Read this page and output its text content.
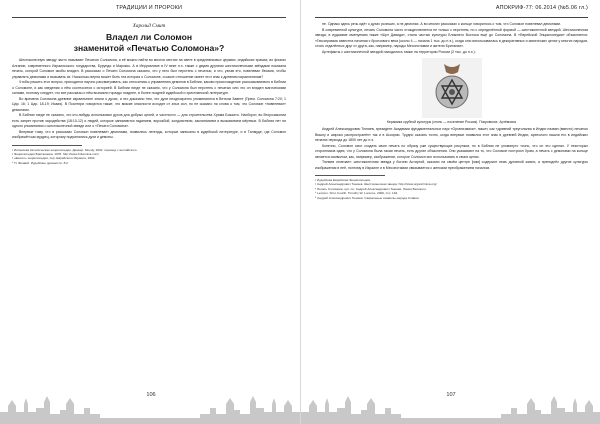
ТРАДИЦИИ И ПРОРОКИ
Харольд Смит
Владел ли Соломон
знаменитой «Печатью Соломона»?

Шестиконечную звезду часто называют Печатью Соломона, и её можно найти во многих местах на свете в средневековых церквях, индийских храмах, во флагах Алгании, современного Израильского государства, Бурунди и Марокко. А в Иерусалиме в IV веке н.э. также с двумя другими шестиконечными звёздами показана печать, которой Соломон якобы владел. В рассказах о Печати Соломона сказано, что у него был перстень с печатью, и что, узнав это, повелевал бесами, чтобы управлять демонами и вызывать их. Насколько верна может быть эта история о Соломоне, и какое отношение имеет этот знак к древним израильтянам?

Чтобы решить этот вопрос, приходится научно рассматривать, как относились к управлению демонов в Библии, каково происхождение рассказываемого в Библии о Соломоне, и как сведения о нём соотносятся с историей. В Библии нигде не сказано, что у Соломона был перстень с печатью или что он владел магическими силами, поэтому следует, что все рассказы о нём возникли гораздо позднее, в более поздней иудейской и христианской литературе.

Во времена Соломона древние израильтяне знали о духах, и это доказано тем, что духи неоднократно упоминаются в Ветхом Завете (Прем. Соломона 7:20; 1 Цар. 16; 1 Цар. 18-19; Исаия). В Псалтири говорится также, что всякие опасности исходят от злых сил, но не сказано ни слова о том, что Соломон «повелевал» демонами.

В Библии нигде не сказано, что кто-нибудь использовал духов для добрых целей, и частности — для строительства Храма Божьего. Наоборот, во Второзаконии есть запрет против чародейства (18:10-12) и людей, которые занимаются гаданием, ворожбой, колдовством, заклинанием и вызыванием мёртвых. В Библии нет ни одного упоминания о шестиконечной звезде или о «Печати Соломона».

Впервые тому, что в рассказах Соломон повелевает демонами, появились легенды, которые записаны в иудейской литературе, и в Талмуде, где Соломон изображён как мудрец, которому подчинялись духи и демоны.

¹ Испанская Католическая энциклопедия. Денвер: Moody, 2002, перевод с английского.
² Энциклопедия Британника, 1978. http://www.britannica.com/
³ «Ешкол» энциклопедия, пер. Еврейского Израиля, 2004.
⁴ Н. Флавий. Иудейские древности, 8:2.
106
АПОКРИФ-77: 06.2014 (№5.06 гл.)

не. Однако здесь речь идёт о духах усопших, а не демонах. А во многих рассказах о кольце говорилось о том, что Соломон повелевал демонами.

В современной культуре, печать Соломона часто отождествляется не только с перстнем, но с определённой формой — шестиконечной звездой. Шестиконечная звезда, в иудаизме именуемая также «Щит Давида», стала частью культуры Ближнего Востока ещё до Соломона. В «Еврейской Энциклопедии» объясняется: «Гексаграмма известна начиная с бронзового века (около 4 — начала 1 тыс. до н.э.), когда она использовалась в декоративных и магических целях у многих народов, столь отдалённых друг от друга, как, например, народы Месопотамии и жители Британии».

Артефакты с шестиконечной звездой находились также на территории России (2 тыс. до н.э.):

Керамика срубной культуры (стиль — поселение Россия). Покровское, Артёмовск

Андрей Александрович Тюняев, президент Академии фундаментальных наук «Организмики», пишет, как «древний треугольник в Индии назван (вместо) печатью Вишну и широко распространён» так и в Ассирии. Трудно сказать точно, когда впервые появился этот знак в древней Индии, археологи нашли его в индийских печатях периода до 1800 лет до н.э.

Конечно, Соломон смог создать свою печать по образу уже существующих рисунков, но в Библии не упомянуто точно, что он это сделал. У некоторых сторонников идея, что у Соломона была такая печать, есть другие объяснения. Они указывают на то, что Соломон построил Храм, а печать с демонами на кольце является символом, как, например, изображение, которое Соломон мог использовать в своих целях.

Тюняев отмечает: шестиконечная звезда у богини Астартой, сказано на своём центре [ним] содержит семь духовной жизни, а преподнёс другие культуры изображения в неё, поэтому в Израиле и в Месопотамии связывается с женским преображением началом.

¹ Иудейская Еврейская Энциклопедия.
² Андрей Александрович Тюняев. Шестиконечная звезда: http://www.organizmica.org/
³ Печать Соломона, цит. по: Андрей Александрович Тюняев, Ленин Великого.
⁴ Lexicon. First, Fourth. Timothy W. Lorence, 2009, стр. 194.
⁵ Андрей Александрович Тюняев. Сакральные символы народа Славян.
107
